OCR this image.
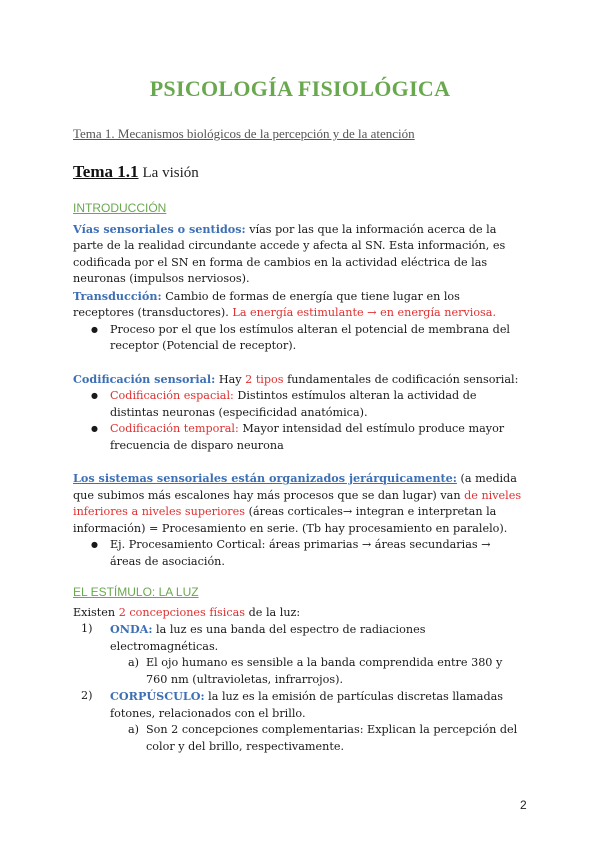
PSICOLOGÍA FISIOLÓGICA
Tema 1. Mecanismos biológicos de la percepción y de la atención
Tema 1.1 La visión
INTRODUCCIÓN

Vías sensoriales o sentidos: vías por las que la información acerca de la parte de la realidad circundante accede y afecta al SN. Esta información, es codificada por el SN en forma de cambios en la actividad eléctrica de las neuronas (impulsos nerviosos).

Transducción: Cambio de formas de energía que tiene lugar en los receptores (transductores). La energía estimulante → en energía nerviosa.

● Proceso por el que los estímulos alteran el potencial de membrana del receptor (Potencial de receptor).

Codificación sensorial: Hay 2 tipos fundamentales de codificación sensorial:

● Codificación espacial: Distintos estímulos alteran la actividad de distintas neuronas (especificidad anatómica).
● Codificación temporal: Mayor intensidad del estímulo produce mayor frecuencia de disparo neurona

Los sistemas sensoriales están organizados jerárquicamente: (a medida que subimos más escalones hay más procesos que se dan lugar) van de niveles inferiores a niveles superiores (áreas corticales→ integran e interpretan la información) = Procesamiento en serie. (Tb hay procesamiento en paralelo).

● Ej. Procesamiento Cortical: áreas primarias → áreas secundarias → áreas de asociación.
EL ESTÍMULO: LA LUZ

Existen 2 concepciones físicas de la luz:

1) ONDA: la luz es una banda del espectro de radiaciones electromagnéticas.
a) El ojo humano es sensible a la banda comprendida entre 380 y 760 nm (ultravioletas, infrarrojos).
2) CORPÚSCULO: la luz es la emisión de partículas discretas llamadas fotones, relacionados con el brillo.
a) Son 2 concepciones complementarias: Explican la percepción del color y del brillo, respectivamente.
2
